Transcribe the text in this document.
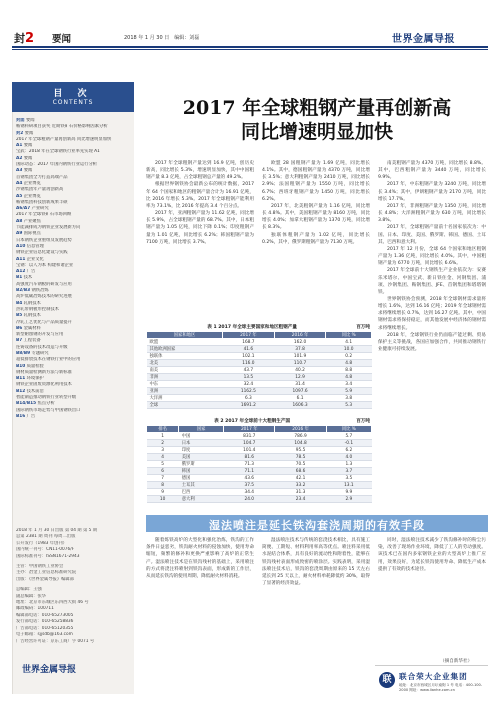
封2 要闻	2018 年 1 月 30 日　编辑：刘磊	世界金属导报
目 次
CONTENTS
封面 要闻
鞍钢科研项目获奖 近期铁矿石价格影响因素分析
封2 要闻
2017 年全球粗钢产量再创新高 同比增速明显加快
A1 要闻
宝武：2018 年在全球钢铁行业率先实现 A1
A2 要闻
国际动态：2017 年国内钢铁行业运行分析
A3 要闻
首钢集团全力打造高端产品
A4 企业博览
沙钢集团年产量再创新高
A5 企业博览
鞍钢集团科技创新成果丰硕
A6/A7 产业研究
2017 年全球铁矿石市场回顾
A8 产业聚焦
节能减排成为钢铁企业发展新方向
A9 国际视点
日本钢铁企业重组及发展趋势
A10 信息管理
钢铁企业信息化建设与实践
A11 企业文化
宝钢：以人为本 构建和谐企业
A12 广告
B1 技术
高强度汽车钢板的研发与应用
B2/B3 钢铁冶炼
高炉低碳冶炼技术的研究进展
B4 轧钢技术
热轧带钢板形控制技术
B5 轧钢技术
冷轧工艺优化与产品质量提升
B6 金属材料
新型耐蚀钢的开发与应用
B7 工程装备
连铸设备的技术改造与升级
B8/B9 专题研究
超低排放技术在钢铁行业中的应用
B10 质量检验
钢材质量检测新方法与新标准
B11 环境保护
钢铁企业固废资源化利用技术
B12 技术前沿
智能制造推动钢铁行业转型升级
B14/B15 焦点分析
国际钢铁市场走势与中国钢铁出口
B16 广告
2018 年 1 月 30 日出版 第 04 期 第 5 期
总第 2381 期 周刊 每周二出版
公开发行（1983 年创刊）
国内统一刊号：CN11-0076/F
国际标准刊号：ISSN1671-2943
主管：中国钢铁工业协会
主办：冶金工业信息标准研究院
出版：《世界金属导报》编辑部
总编辑：王强
副总编辑：张华
地址：北京市东城区东四西大街 46 号
邮政编码：100711
编辑部电话：010-65273005
发行部电话：010-65258836
广告部电话：010-65120355
电子邮箱：sjjsdb@163.com
广告经营许可证：京东工商广字 0071 号
世界金属导报
2017 年全球粗钢产量再创新高
同比增速明显加快

2017 年全球粗钢产量达到 16.9 亿吨，创历史新高，同比增长 5.3%，增速明显加快，其中中国粗钢产量 8.3 亿吨，占全球粗钢总产量的 49.2%。

根据世界钢铁协会最新公布的统计数据，2017 年 64 个国家和地区的粗钢产量合计为 16.91 亿吨，比 2016 年增长 5.3%。2017 年全球粗钢产能利用率为 73.1%，比 2016 年提高 3.4 个百分点。

2017 年，亚洲粗钢产量为 11.62 亿吨，同比增长 5.9%，占全球粗钢产量的 68.7%。其中，日本粗钢产量为 1.05 亿吨，同比下降 0.1%；印度粗钢产量为 1.01 亿吨，同比增长 6.2%；韩国粗钢产量为 7100 万吨，同比增长 3.7%。

欧盟 28 国粗钢产量为 1.69 亿吨，同比增长 4.1%。其中，德国粗钢产量为 4370 万吨，同比增长 3.5%；意大利粗钢产量为 2410 万吨，同比增长 2.9%；法国粗钢产量为 1550 万吨，同比增长 6.7%；西班牙粗钢产量为 1450 万吨，同比增长 6.2%。

2017 年，北美粗钢产量为 1.16 亿吨，同比增长 4.8%。其中，美国粗钢产量为 8160 万吨，同比增长 4.0%；加拿大粗钢产量为 1370 万吨，同比增长 8.3%。

独联体粗钢产量为 1.02 亿吨，同比增长 0.2%，其中，俄罗斯粗钢产量为 7130 万吨。

南美粗钢产量为 4370 万吨，同比增长 8.8%。其中，巴西粗钢产量为 3440 万吨，同比增长 9.9%。

2017 年，中东粗钢产量为 3240 万吨，同比增长 3.4%；其中，伊朗粗钢产量为 2170 万吨，同比增长 17.7%。

2017 年，非洲粗钢产量为 1350 万吨，同比增长 4.8%；大洋洲粗钢产量为 630 万吨，同比增长 3.8%。

2017 年，全球粗钢产量前十名国家依次为：中国、日本、印度、美国、俄罗斯、韩国、德国、土耳其、巴西和意大利。

2017 年 12 月份，全球 64 个国家和地区粗钢产量为 1.36 亿吨，同比增长 4.0%。其中，中国粗钢产量为 6770 万吨，同比增长 6.6%。

2017 年全球前十大钢铁生产企业依次为：安赛乐米塔尔、中国宝武、新日铁住金、河钢集团、浦项、沙钢集团、鞍钢集团、JFE、首钢集团和塔塔钢铁。

世界钢铁协会预测，2018 年全球钢材需求量将增长 1.6%，达到 16.16 亿吨；2019 年全球钢材需求将继续增长 0.7%，达到 16.27 亿吨。其中，中国钢材需求将保持稳定，而其他发展中经济体的钢材需求将继续增长。

2018 年，全球钢铁行业仍面临产能过剩、贸易保护主义等挑战，各国应加强合作，共同推动钢铁行业健康可持续发展。

表 1 2017 年全球主要国家和地区粗钢产量	百万吨
国家和地区	2017 年	2016 年	同比 %
欧盟	168.7	162.0	4.1
其他欧洲国家	41.6	37.8	10.0
独联体	102.1	101.9	0.2
北美	116.0	110.7	4.8
南美	43.7	40.2	8.8
非洲	13.5	12.9	4.8
中东	32.4	31.4	3.4
亚洲	1162.5	1097.6	5.9
大洋洲	6.3	6.1	3.8
全球	1691.2	1606.3	5.3
表 2 2017 年全球前十大粗钢生产国	百万吨
排名	国家	2017 年	2016 年	同比 %
1	中国	831.7	786.9	5.7
2	日本	104.7	104.8	-0.1
3	印度	101.4	95.5	6.2
4	美国	81.6	78.5	4.0
5	俄罗斯	71.3	70.5	1.3
6	韩国	71.1	68.6	3.7
7	德国	43.6	42.1	3.5
8	土耳其	37.5	33.2	13.1
9	巴西	34.4	31.3	9.9
10	意大利	24.0	23.4	2.9
湿法喷注是延长铁沟套浇周期的有效手段

随着炼铁高炉的大型化和强化冶炼，铁沟的工作条件日益恶劣，铁沟耐火材料的侵蚀加快，使用寿命缩短，频繁的修补和更换严重影响了高炉的正常生产。湿法喷注技术是在铁沟残衬的基础上，采用喷注的方式将浇注料喷射到铁沟表面，形成新的工作层，从而延长铁沟的使用周期，降低耐火材料消耗。

湿法喷注技术与传统的套浇技术相比，具有施工简便、工期短、材料利用率高等优点。喷注料采用低水泥结合体系，具有良好的流动性和附着性，能够在铁沟残衬表面形成致密的喷涂层。实践表明，采用湿法喷注技术后，铁沟的套浇周期由原来的 15 天左右延长到 25 天以上，耐火材料单耗降低约 30%，取得了显著的经济效益。

同时，湿法喷注技术减少了铁沟修补时的粉尘污染，改善了现场作业环境，降低了工人的劳动强度。该技术已在国内多家钢铁企业的大型高炉上推广应用，效果良好，为延长铁沟使用寿命、降低生产成本提供了有效的技术途径。

（摘自新华社）
联 联合荣大企业集团
地址：北京市西城区月坛南街 1 号 电话：400-100-2000 网址：www.lianhe.com.cn
